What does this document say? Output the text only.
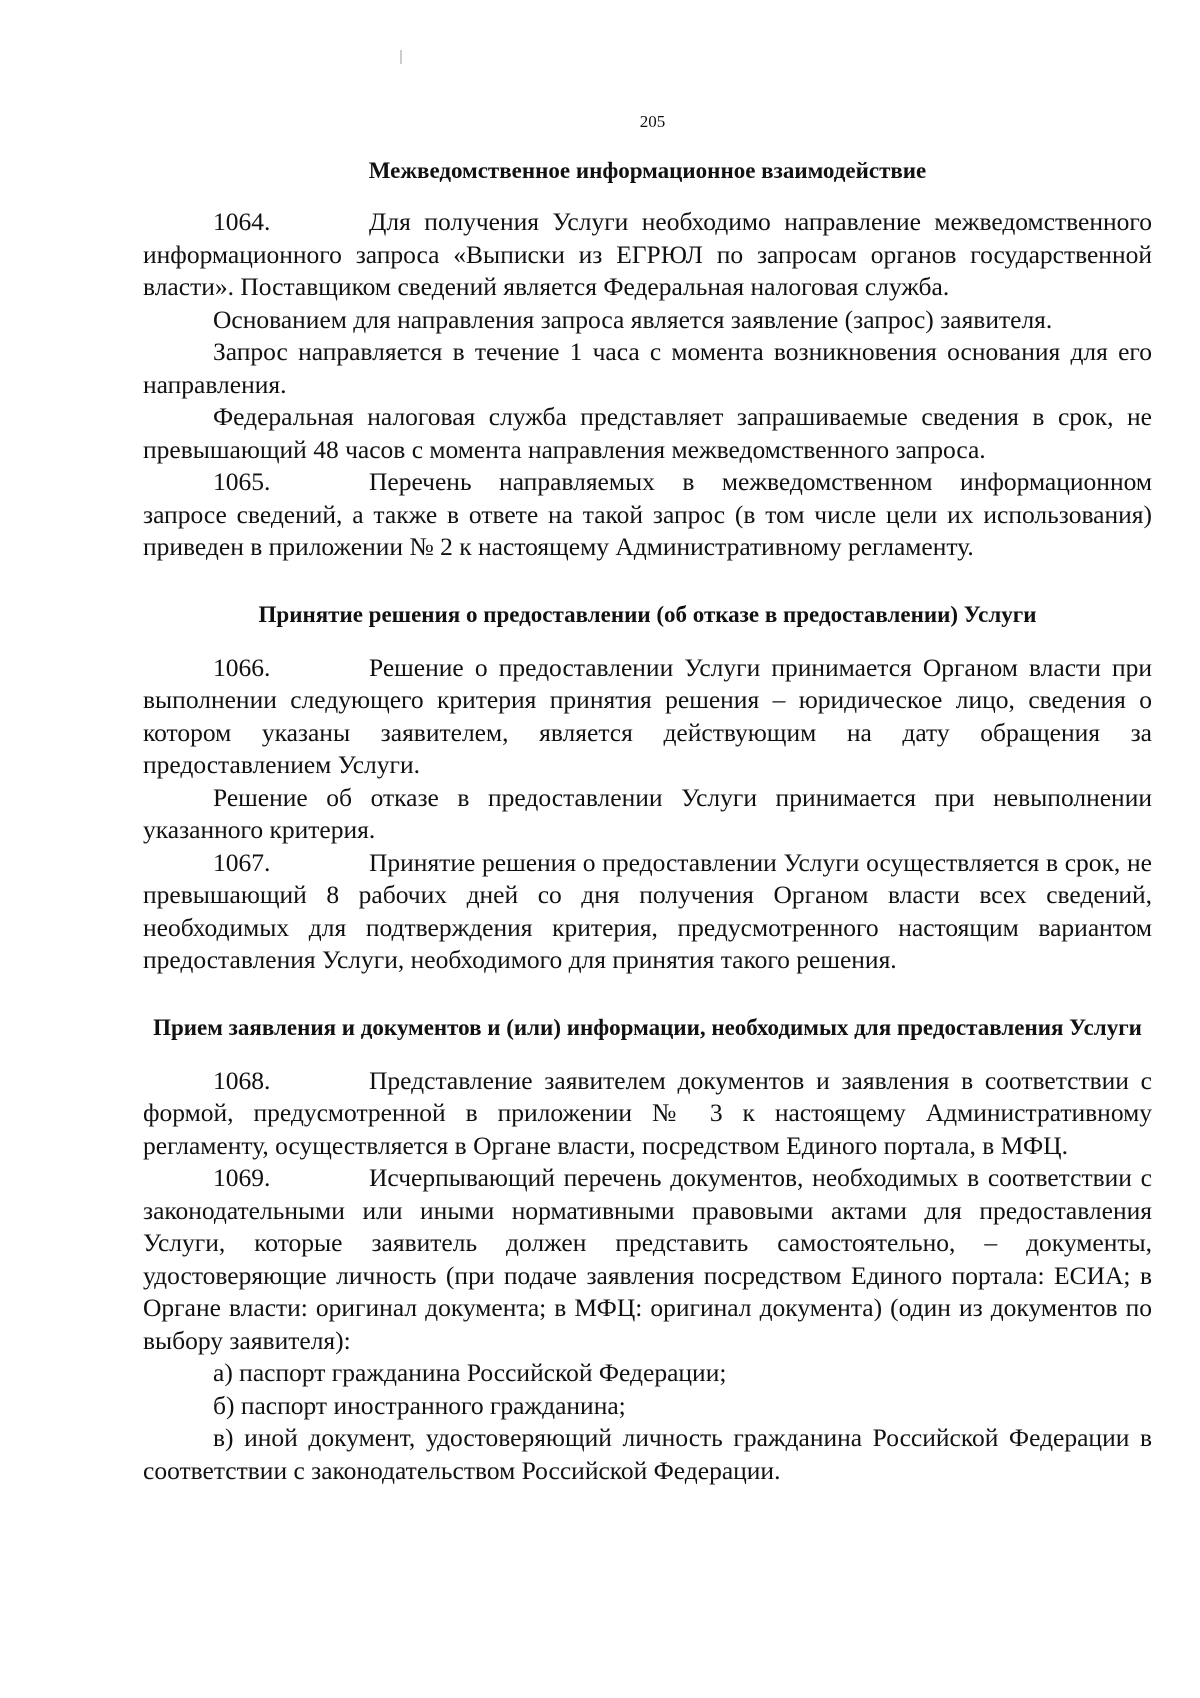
205
Межведомственное информационное взаимодействие

1064.	Для получения Услуги необходимо направление межведомственного информационного запроса «Выписки из ЕГРЮЛ по запросам органов государственной власти». Поставщиком сведений является Федеральная налоговая служба.

Основанием для направления запроса является заявление (запрос) заявителя.

Запрос направляется в течение 1 часа с момента возникновения основания для его направления.

Федеральная налоговая служба представляет запрашиваемые сведения в срок, не превышающий 48 часов с момента направления межведомственного запроса.

1065.	Перечень направляемых в межведомственном информационном запросе сведений, а также в ответе на такой запрос (в том числе цели их использования) приведен в приложении № 2 к настоящему Административному регламенту.

Принятие решения о предоставлении (об отказе в предоставлении) Услуги

1066.	Решение о предоставлении Услуги принимается Органом власти при выполнении следующего критерия принятия решения – юридическое лицо, сведения о котором указаны заявителем, является действующим на дату обращения за предоставлением Услуги.

Решение об отказе в предоставлении Услуги принимается при невыполнении указанного критерия.

1067.	Принятие решения о предоставлении Услуги осуществляется в срок, не превышающий 8 рабочих дней со дня получения Органом власти всех сведений, необходимых для подтверждения критерия, предусмотренного настоящим вариантом предоставления Услуги, необходимого для принятия такого решения.

Прием заявления и документов и (или) информации, необходимых для предоставления Услуги

1068.	Представление заявителем документов и заявления в соответствии с формой, предусмотренной в приложении № 3 к настоящему Административному регламенту, осуществляется в Органе власти, посредством Единого портала, в МФЦ.

1069.	Исчерпывающий перечень документов, необходимых в соответствии с законодательными или иными нормативными правовыми актами для предоставления Услуги, которые заявитель должен представить самостоятельно, – документы, удостоверяющие личность (при подаче заявления посредством Единого портала: ЕСИА; в Органе власти: оригинал документа; в МФЦ: оригинал документа) (один из документов по выбору заявителя):

а) паспорт гражданина Российской Федерации;

б) паспорт иностранного гражданина;

в) иной документ, удостоверяющий личность гражданина Российской Федерации в соответствии с законодательством Российской Федерации.
